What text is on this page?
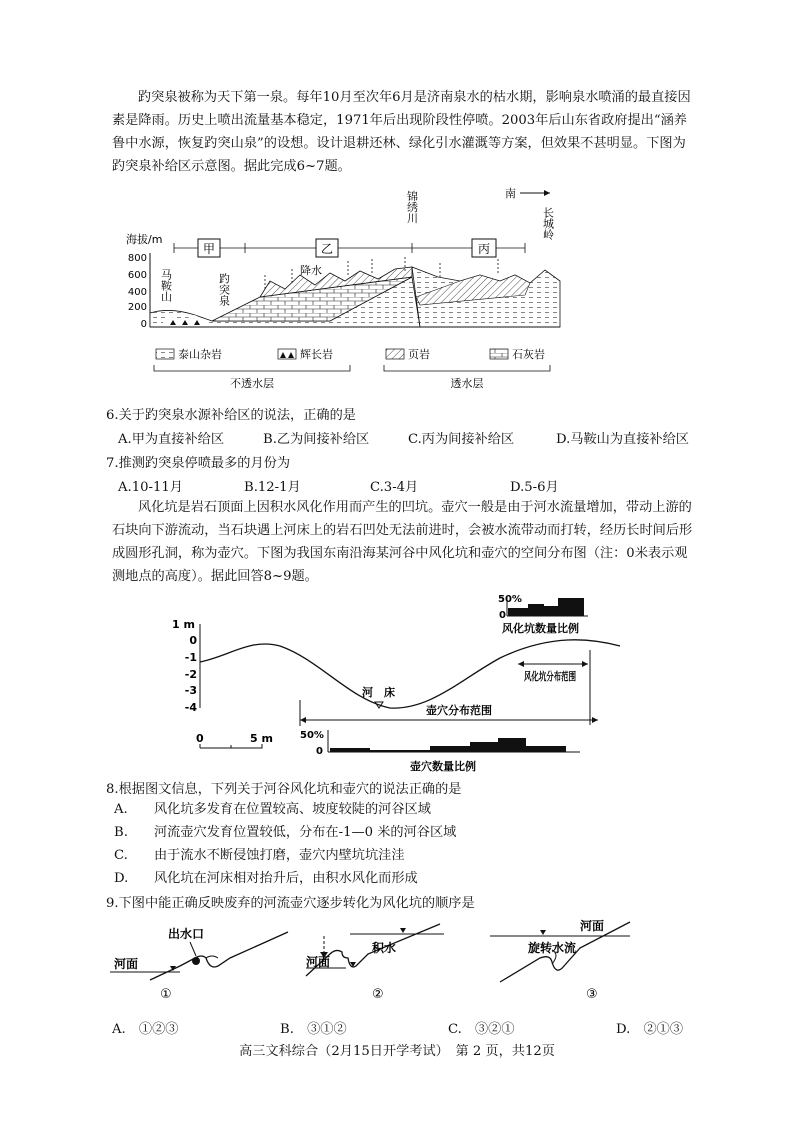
趵突泉被称为天下第一泉。每年10月至次年6月是济南泉水的枯水期，影响泉水喷涌的最直接因素是降雨。历史上喷出流量基本稳定，1971年后出现阶段性停喷。2003年后山东省政府提出“涵养鲁中水源，恢复趵突山泉”的设想。设计退耕还林、绿化引水灌溉等方案，但效果不甚明显。下图为趵突泉补给区示意图。据此完成6~7题。
海拔/m
800
600
400
200
0
甲	乙	丙
锦绣川	南
长城岭
马鞍山	趵突泉
降水
泰山杂岩	辉长岩	页岩	石灰岩
不透水层	透水层
6.关于趵突泉水源补给区的说法，正确的是
A.甲为直接补给区	B.乙为间接补给区	C.丙为间接补给区	D.马鞍山为直接补给区
7.推测趵突泉停喷最多的月份为
A.10-11月	B.12-1月	C.3-4月	D.5-6月
风化坑是岩石顶面上因积水风化作用而产生的凹坑。壶穴一般是由于河水流量增加，带动上游的石块向下游流动，当石块遇上河床上的岩石凹处无法前进时，会被水流带动而打转，经历长时间后形成圆形孔洞，称为壶穴。下图为我国东南沿海某河谷中风化坑和壶穴的空间分布图（注：0米表示观测地点的高度）。据此回答8~9题。
1 m
0
-1
-2
-3
-4
50%
0
风化坑数量比例
风化坑分布范围
河　床
壶穴分布范围
0	5 m	50%
0
壶穴数量比例
8.根据图文信息，下列关于河谷风化坑和壶穴的说法正确的是
A. 风化坑多发育在位置较高、坡度较陡的河谷区域
B. 河流壶穴发育位置较低，分布在-1—0 米的河谷区域
C. 由于流水不断侵蚀打磨，壶穴内壁坑坑洼洼
D. 风化坑在河床相对抬升后，由积水风化而形成
9.下图中能正确反映废弃的河流壶穴逐步转化为风化坑的顺序是
出水口
河面
①
积水
河面
②
河面
旋转水流
③
A.　①②③	B.　③①②	C.　③②①	D.　②①③
高三文科综合（2月15日开学考试）　第 2 页，共12页
